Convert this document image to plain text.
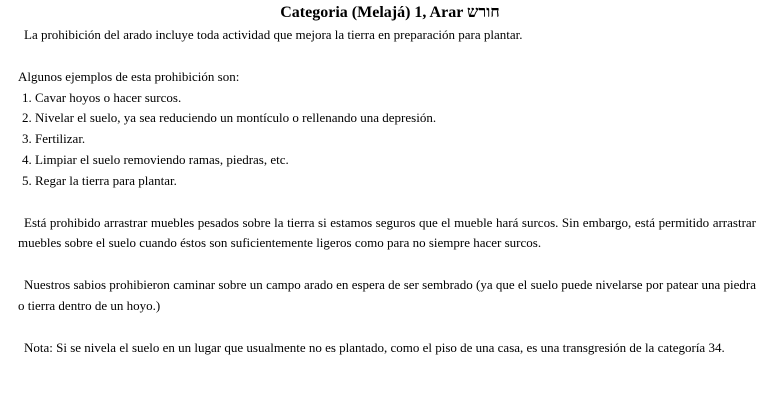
Categoria (Melajá) 1, Arar חורש

La prohibición del arado incluye toda actividad que mejora la tierra en preparación para plantar.

Algunos ejemplos de esta prohibición son:

1. Cavar hoyos o hacer surcos.
2. Nivelar el suelo, ya sea reduciendo un montículo o rellenando una depresión.
3. Fertilizar.
4. Limpiar el suelo removiendo ramas, piedras, etc.
5. Regar la tierra para plantar.

Está prohibido arrastrar muebles pesados sobre la tierra si estamos seguros que el mueble hará surcos. Sin embargo, está permitido arrastrar muebles sobre el suelo cuando éstos son suficientemente ligeros como para no siempre hacer surcos.

Nuestros sabios prohibieron caminar sobre un campo arado en espera de ser sembrado (ya que el suelo puede nivelarse por patear una piedra o tierra dentro de un hoyo.)

Nota: Si se nivela el suelo en un lugar que usualmente no es plantado, como el piso de una casa, es una transgresión de la categoría 34.
